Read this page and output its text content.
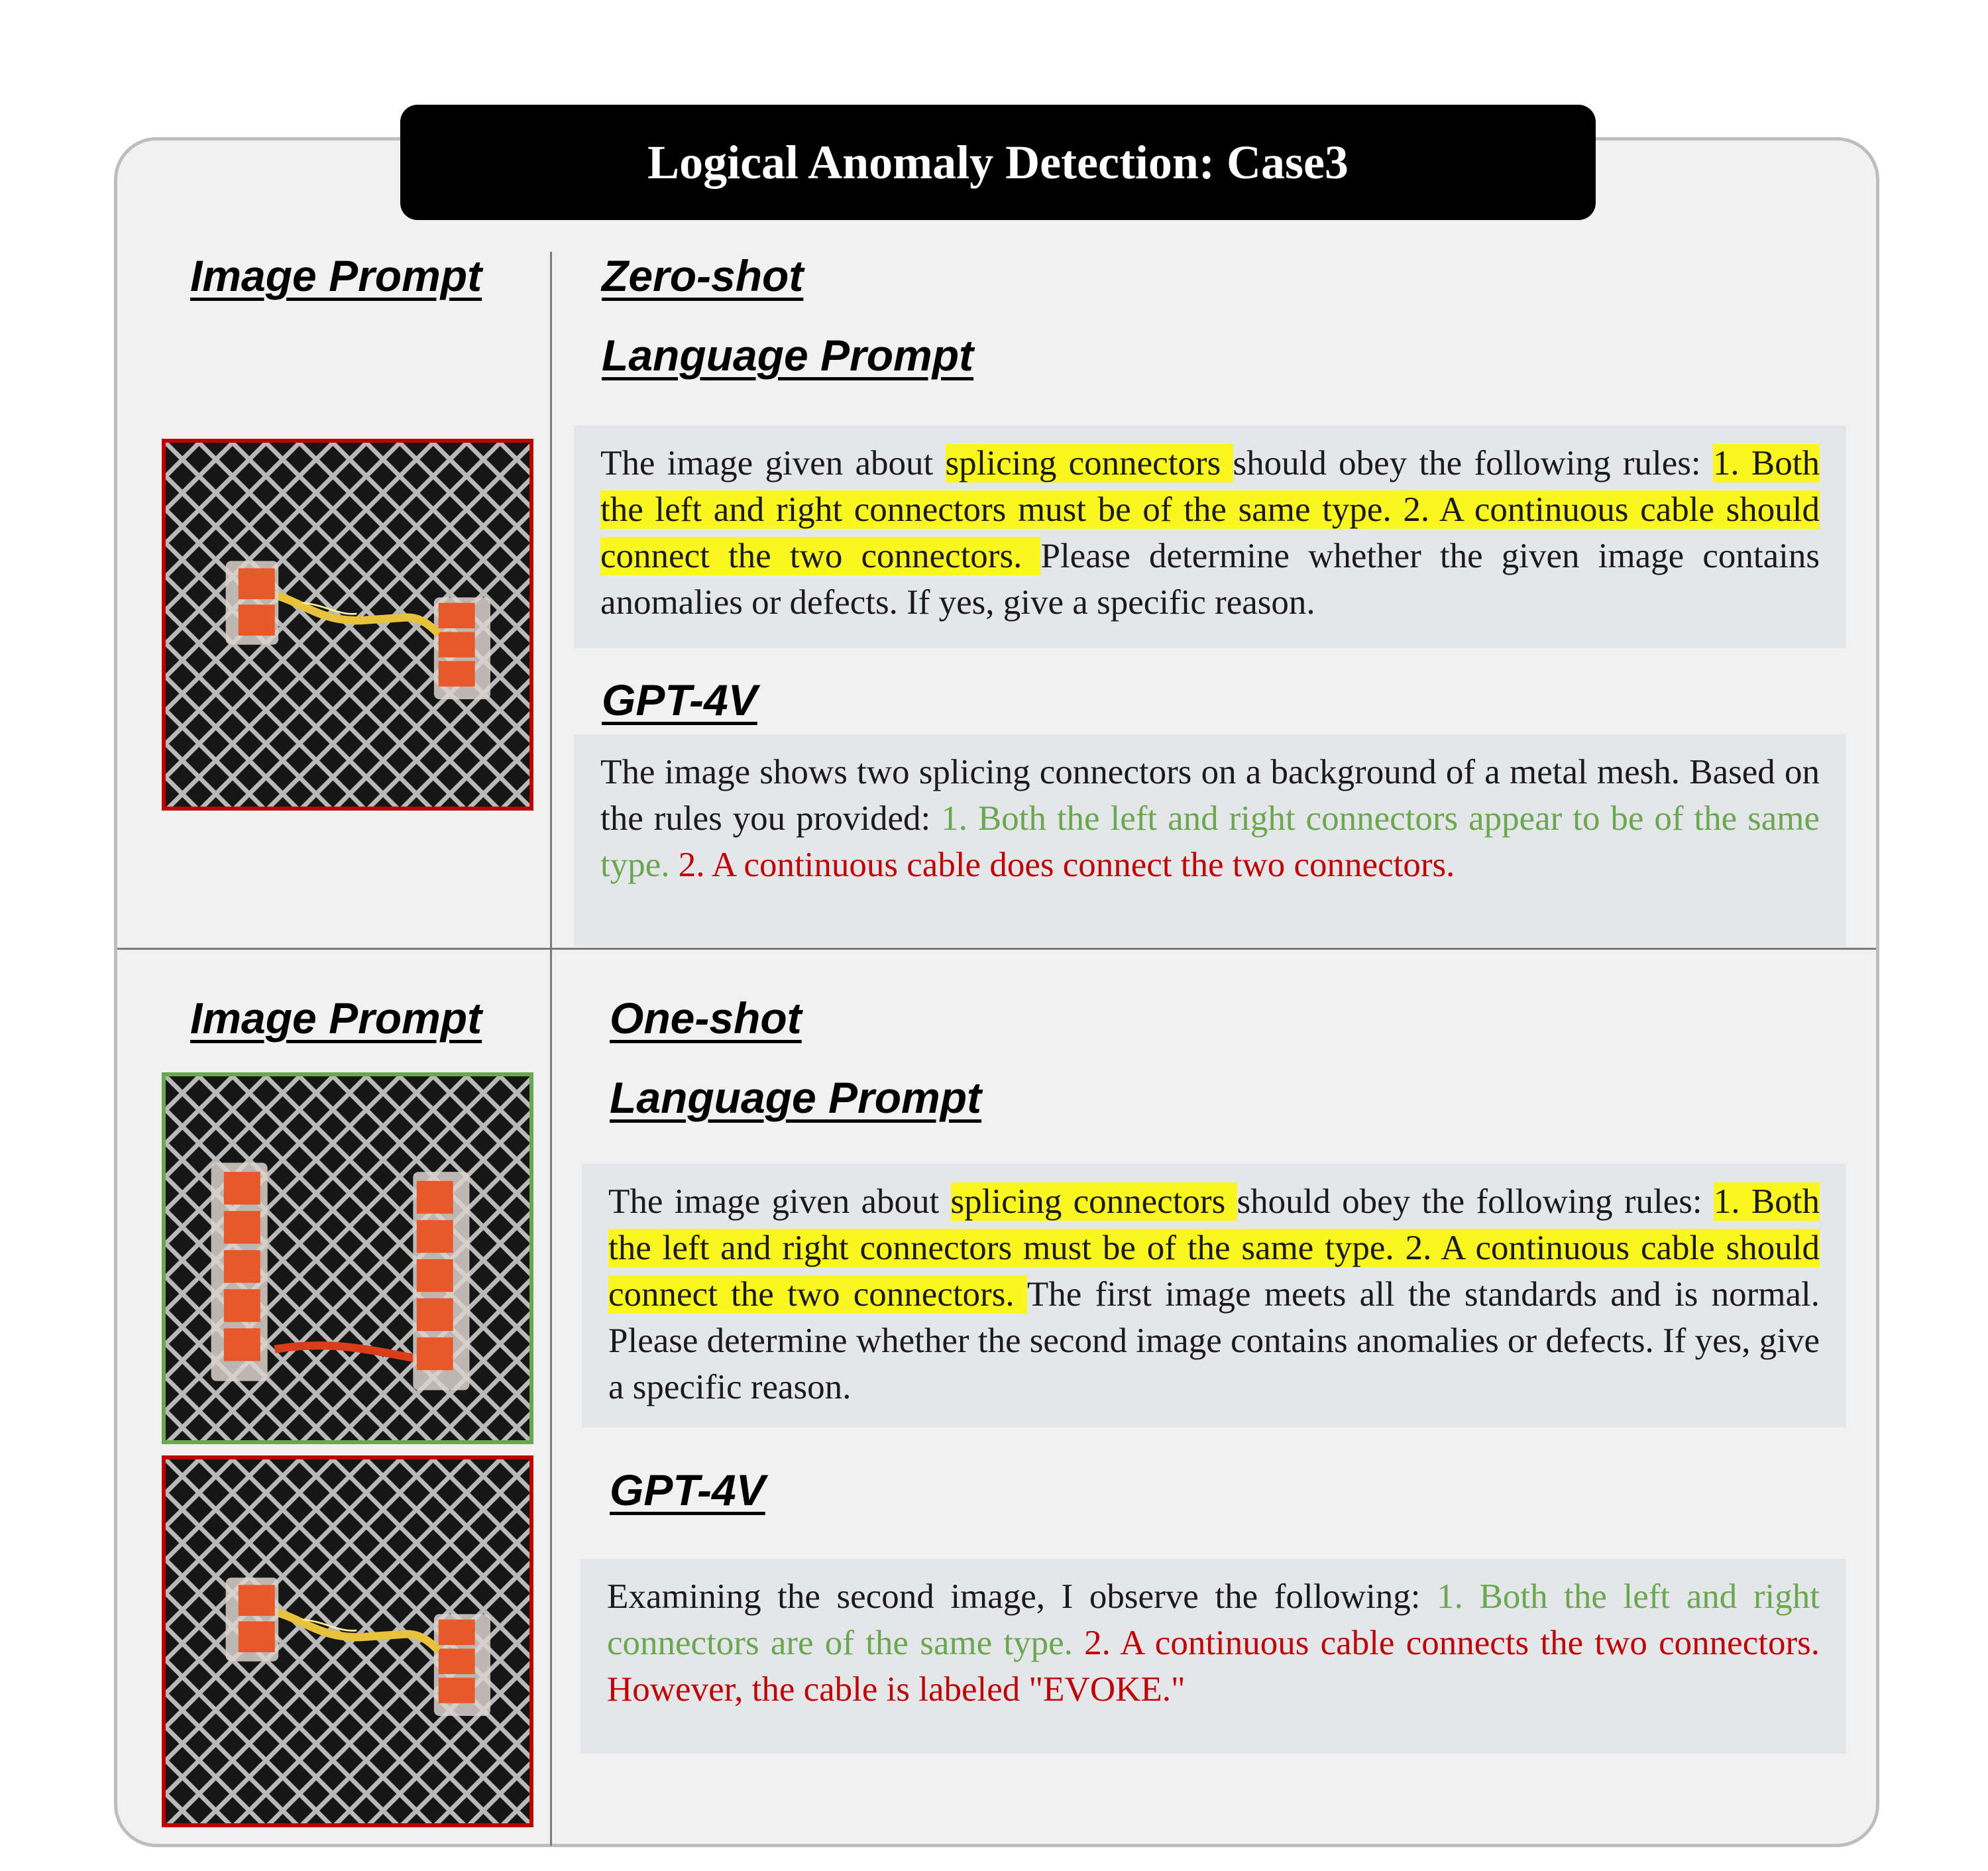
Logical Anomaly Detection: Case3
Image Prompt	Zero-shot
Language Prompt
The image given about splicing connectors should obey the following rules: 1. Both the left and right connectors must be of the same type. 2. A continuous cable should connect the two connectors. Please determine whether the given image contains anomalies or defects. If yes, give a specific reason.
GPT-4V
The image shows two splicing connectors on a background of a metal mesh. Based on the rules you provided: 1. Both the left and right connectors appear to be of the same type. 2. A continuous cable does connect the two connectors.
Image Prompt	One-shot
Language Prompt
The image given about splicing connectors should obey the following rules: 1. Both the left and right connectors must be of the same type. 2. A continuous cable should connect the two connectors. The first image meets all the standards and is normal. Please determine whether the second image contains anomalies or defects. If yes, give a specific reason.
GPT-4V
Examining the second image, I observe the following: 1. Both the left and right connectors are of the same type. 2. A continuous cable connects the two connectors. However, the cable is labeled "EVOKE."
